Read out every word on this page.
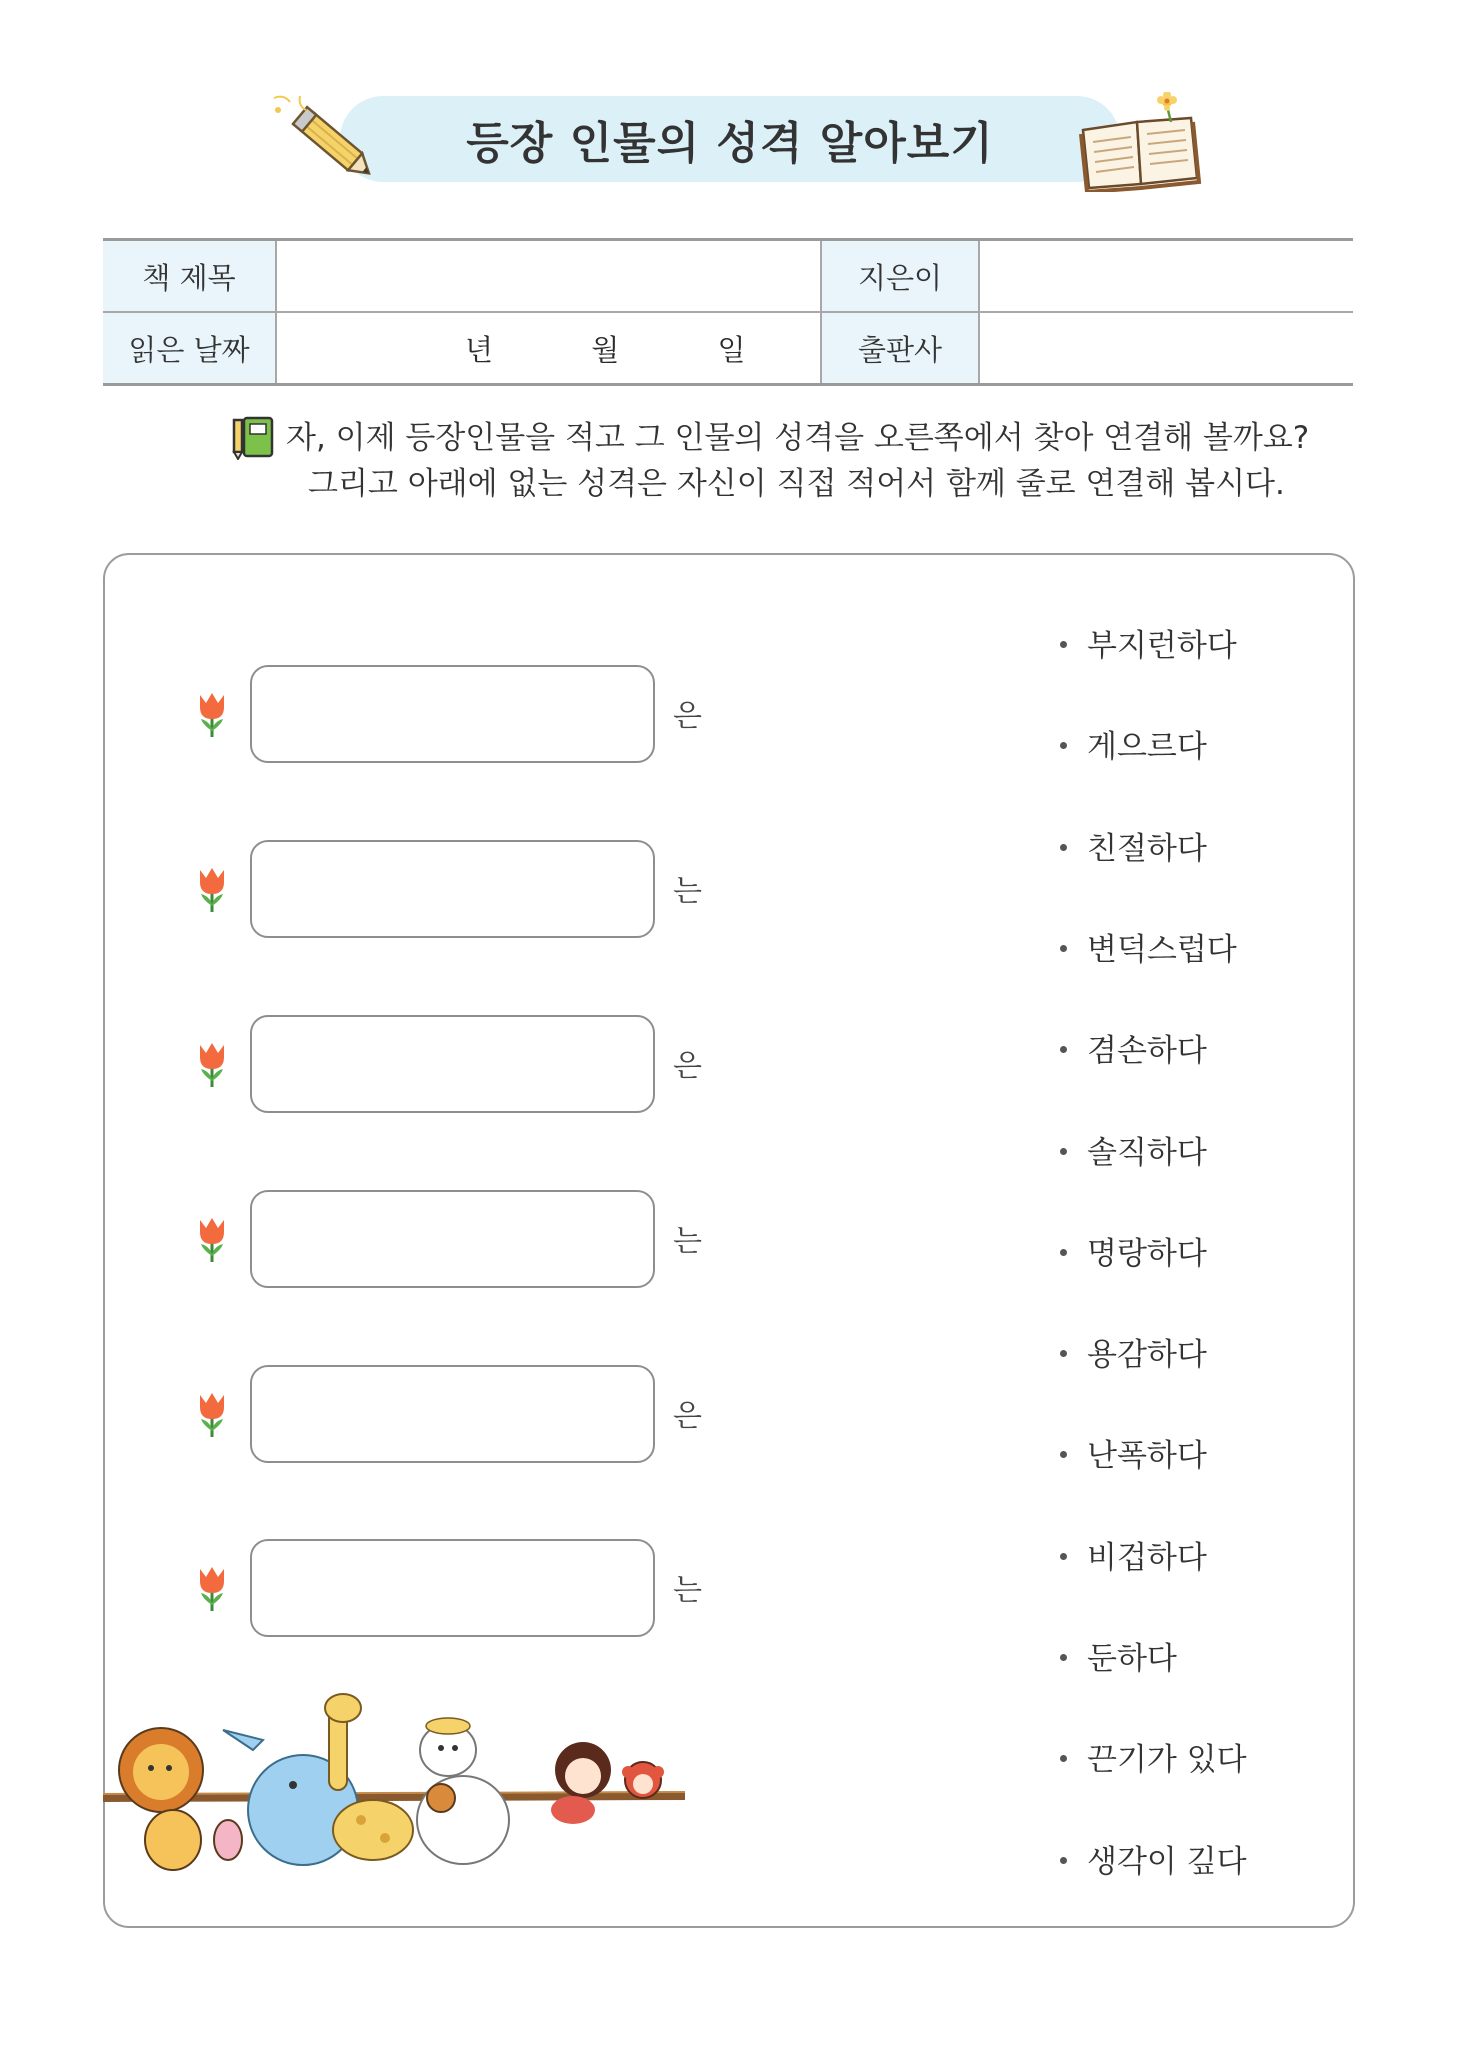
등장 인물의 성격 알아보기
책 제목		지은이	
읽은 날짜	년 월 일	출판사	
자, 이제 등장인물을 적고 그 인물의 성격을 오른쪽에서 찾아 연결해 볼까요?
그리고 아래에 없는 성격은 자신이 직접 적어서 함께 줄로 연결해 봅시다.
은
는
은
는
은
는
부지런하다
게으르다
친절하다
변덕스럽다
겸손하다
솔직하다
명랑하다
용감하다
난폭하다
비겁하다
둔하다
끈기가 있다
생각이 깊다
